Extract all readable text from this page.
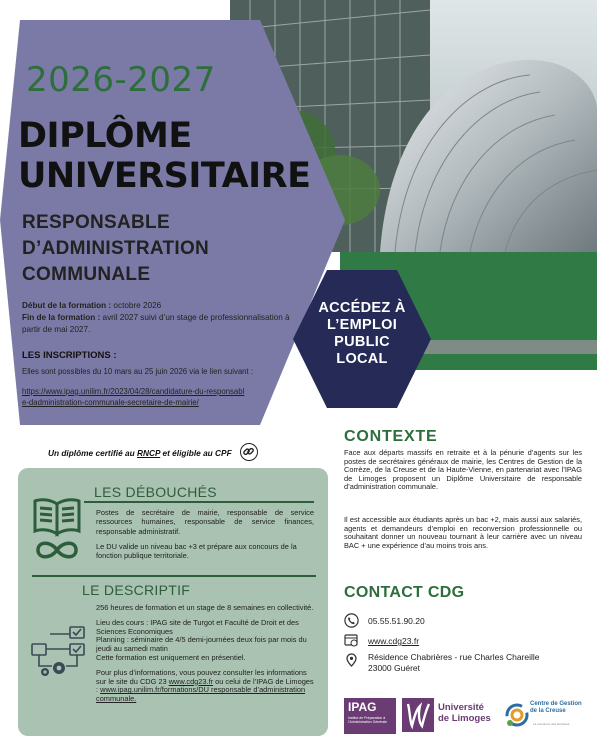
2026-2027
DIPLÔME
UNIVERSITAIRE
RESPONSABLE
D’ADMINISTRATION
COMMUNALE
Début de la formation : octobre 2026
Fin de la formation : avril 2027 suivi d’un stage de professionnalisation à partir de mai 2027.
LES INSCRIPTIONS :
Elles sont possibles du 10 mars au 25 juin 2026 via le lien suivant :
https://www.ipag.unilim.fr/2023/04/28/candidature-du-responsable-dadministration-communale-secretaire-de-mairie/
ACCÉDEZ À
L’EMPLOI
PUBLIC
LOCAL
Un diplôme certifié au RNCP et éligible au CPF
LES DÉBOUCHÉS
Postes de secrétaire de mairie, responsable de service ressources humaines, responsable de service finances, responsable administratif.
Le DU valide un niveau bac +3 et prépare aux concours de la fonction publique territoriale.
LE DESCRIPTIF

256 heures de formation et un stage de 8 semaines en collectivité.

Lieu des cours : IPAG site de Turgot et Faculté de Droit et des Sciences Economiques
Planning : séminaire de 4/5 demi-journées deux fois par mois du jeudi au samedi matin

Cette formation est uniquement en présentiel.

Pour plus d’informations, vous pouvez consulter les informations sur le site du CDG 23 www.cdg23.fr ou celui de l’IPAG de Limoges : www.ipag.unilim.fr/formations/DU responsable d’administration communale.
CONTEXTE
Face aux départs massifs en retraite et à la pénurie d’agents sur les postes de secrétaires généraux de mairie, les Centres de Gestion de la Corrèze, de la Creuse et de la Haute-Vienne, en partenariat avec l’IPAG de Limoges proposent un Diplôme Universitaire de responsable d’administration communale.
Il est accessible aux étudiants après un bac +2, mais aussi aux salariés, agents et demandeurs d’emploi en reconversion professionnelle ou souhaitant donner un nouveau tournant à leur carrière avec un niveau BAC + une expérience d’au moins trois ans.
CONTACT CDG
05.55.51.90.20
www.cdg23.fr
Résidence Chabrières - rue Charles Chareille
23000 Guéret
IPAG
Institut de Préparation à l'Administration Générale
Université
de Limoges
Centre de Gestion
de la Creuse
La ressource des territoires
